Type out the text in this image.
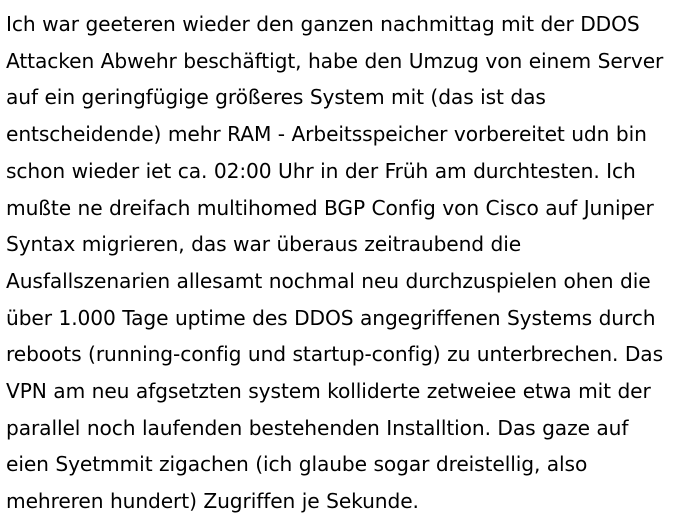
Ich war geeteren wieder den ganzen nachmittag mit der DDOS Attacken Abwehr beschäftigt, habe den Umzug von einem Server auf ein geringfügige größeres System mit (das ist das entscheidende) mehr RAM - Arbeitsspeicher vorbereitet udn bin schon wieder iet ca. 02:00 Uhr in der Früh am durchtesten. Ich mußte ne dreifach multihomed BGP Config von Cisco auf Juniper Syntax migrieren, das war überaus zeitraubend die Ausfallszenarien allesamt nochmal neu durchzuspielen ohen die über 1.000 Tage uptime des DDOS angegriffenen Systems durch reboots (running-config und startup-config) zu unterbrechen. Das VPN am neu afgsetzten system kolliderte zetweiee etwa mit der parallel noch laufenden bestehenden Installtion. Das gaze auf eien Syetmmit zigachen (ich glaube sogar dreistellig, also mehreren hundert) Zugriffen je Sekunde.
